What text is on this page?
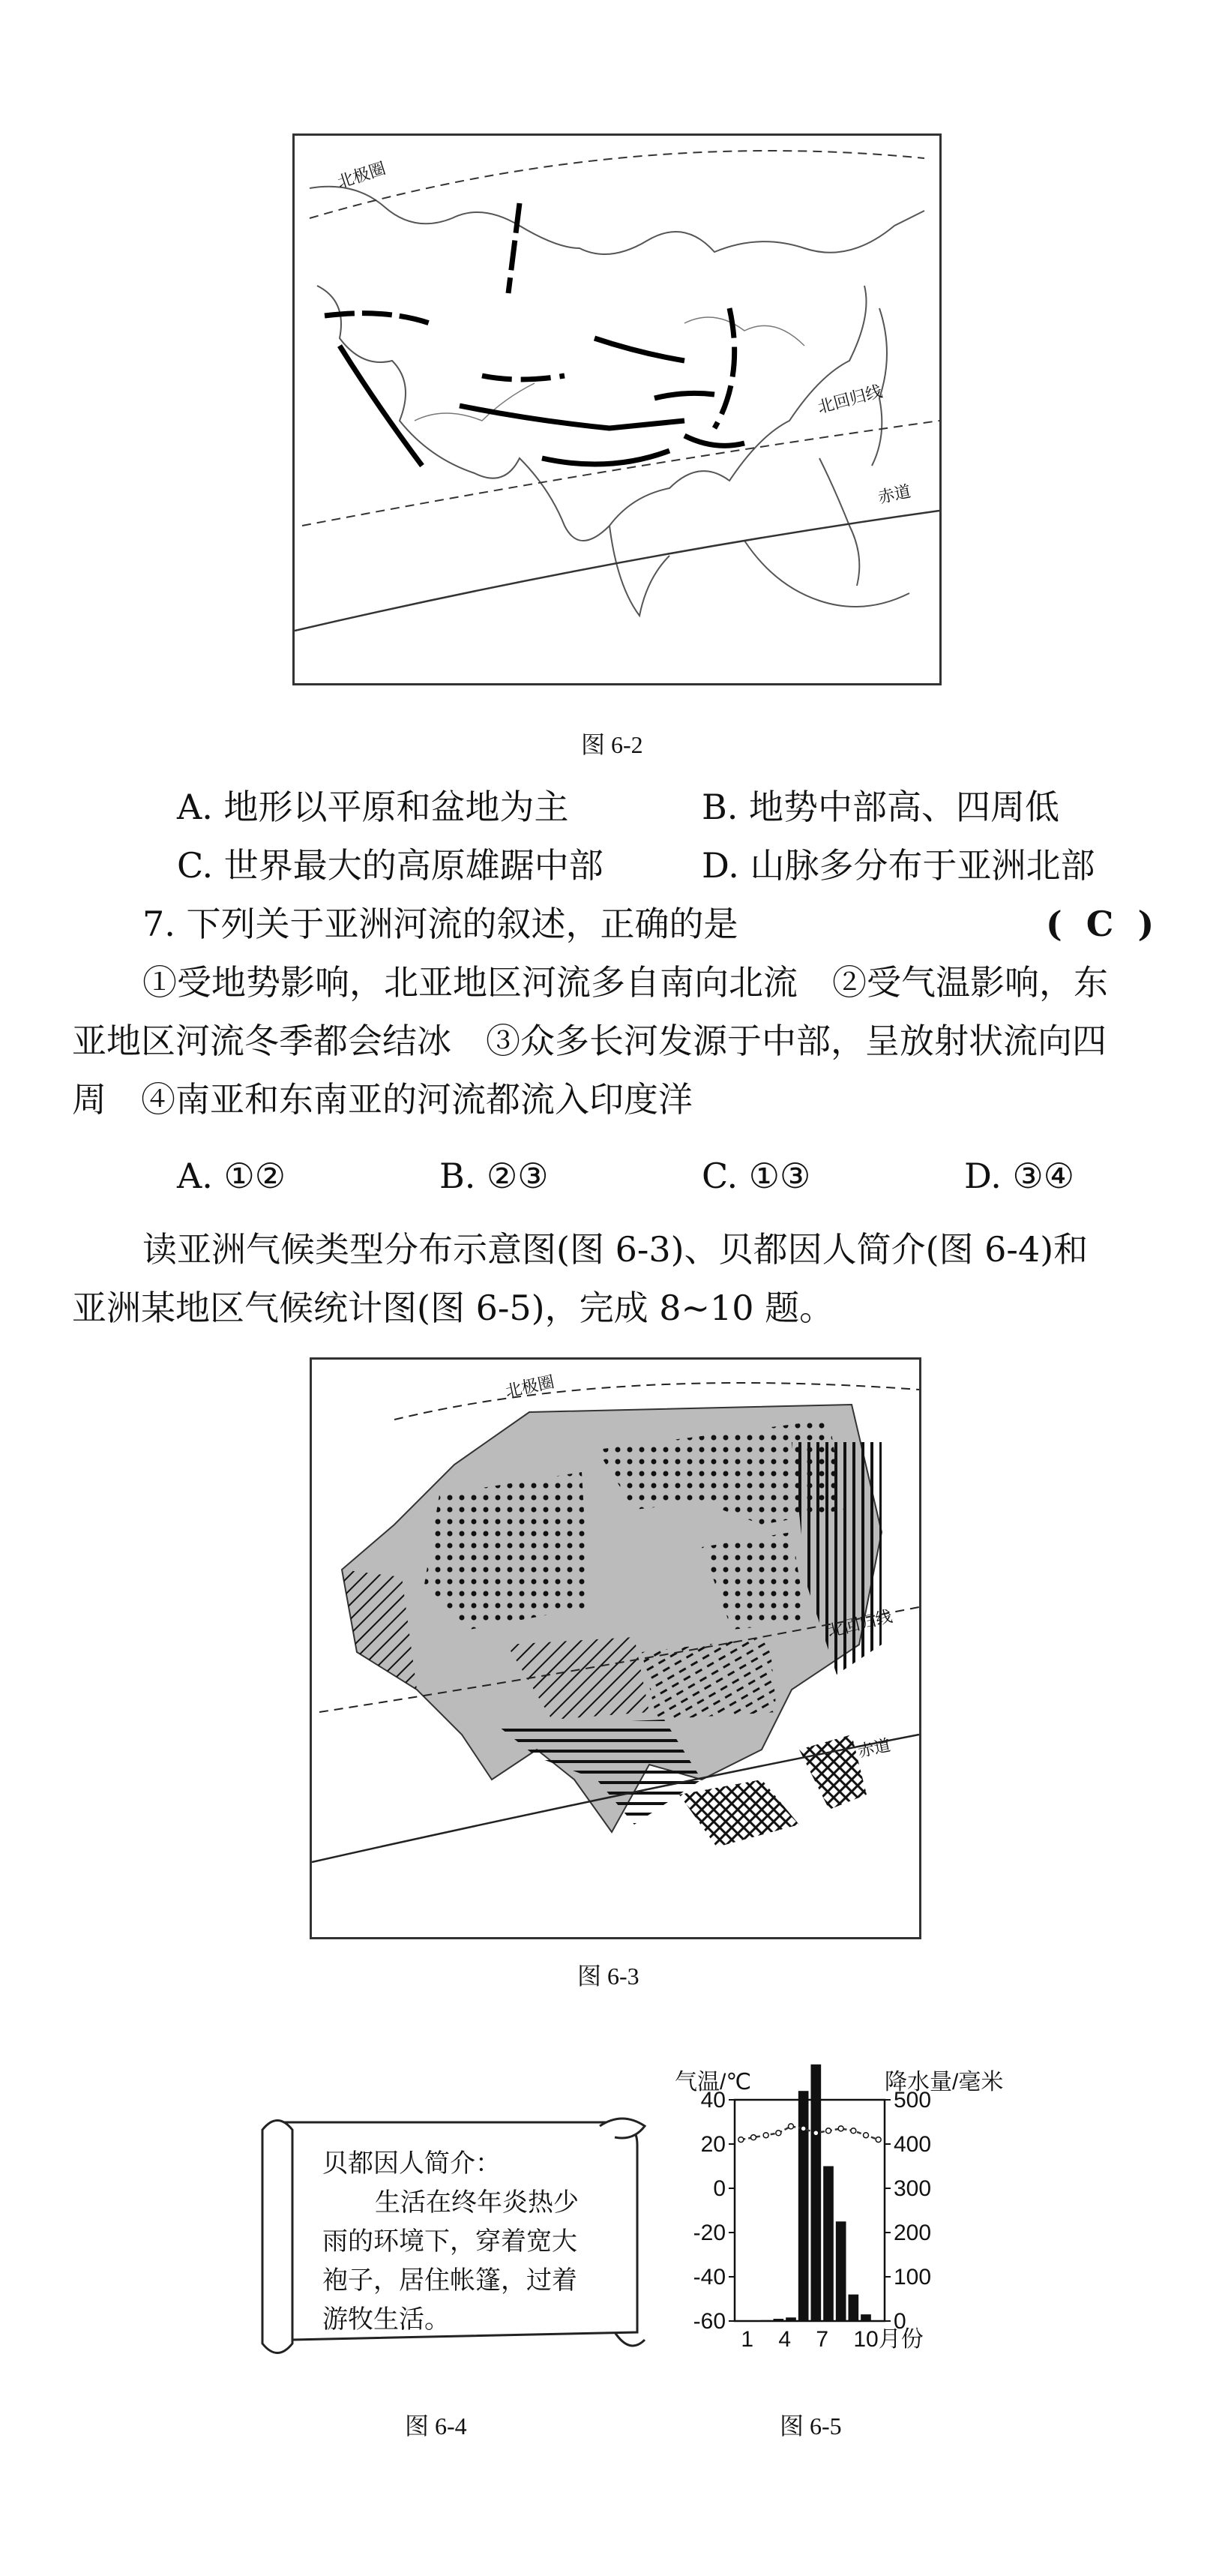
北极圈
北回归线
赤道
图 6-2
A. 地形以平原和盆地为主	B. 地势中部高、四周低
C. 世界最大的高原雄踞中部	D. 山脉多分布于亚洲北部
7. 下列关于亚洲河流的叙述，正确的是	( C )
①受地势影响，北亚地区河流多自南向北流　②受气温影响，东
亚地区河流冬季都会结冰　③众多长河发源于中部，呈放射状流向四
周　④南亚和东南亚的河流都流入印度洋
A. ①②	B. ②③	C. ①③	D. ③④
读亚洲气候类型分布示意图(图 6-3)、贝都因人简介(图 6-4)和
亚洲某地区气候统计图(图 6-5)，完成 8~10 题。
北极圈
北回归线
赤道
图 6-3
贝都因人简介：
生活在终年炎热少
雨的环境下，穿着宽大
袍子，居住帐篷，过着
游牧生活。
图 6-4
气温/℃	降水量/毫米
40
20
0
-20
-40
-60
500
400
300
200
100
0
1 4 7 10月份
图 6-5
